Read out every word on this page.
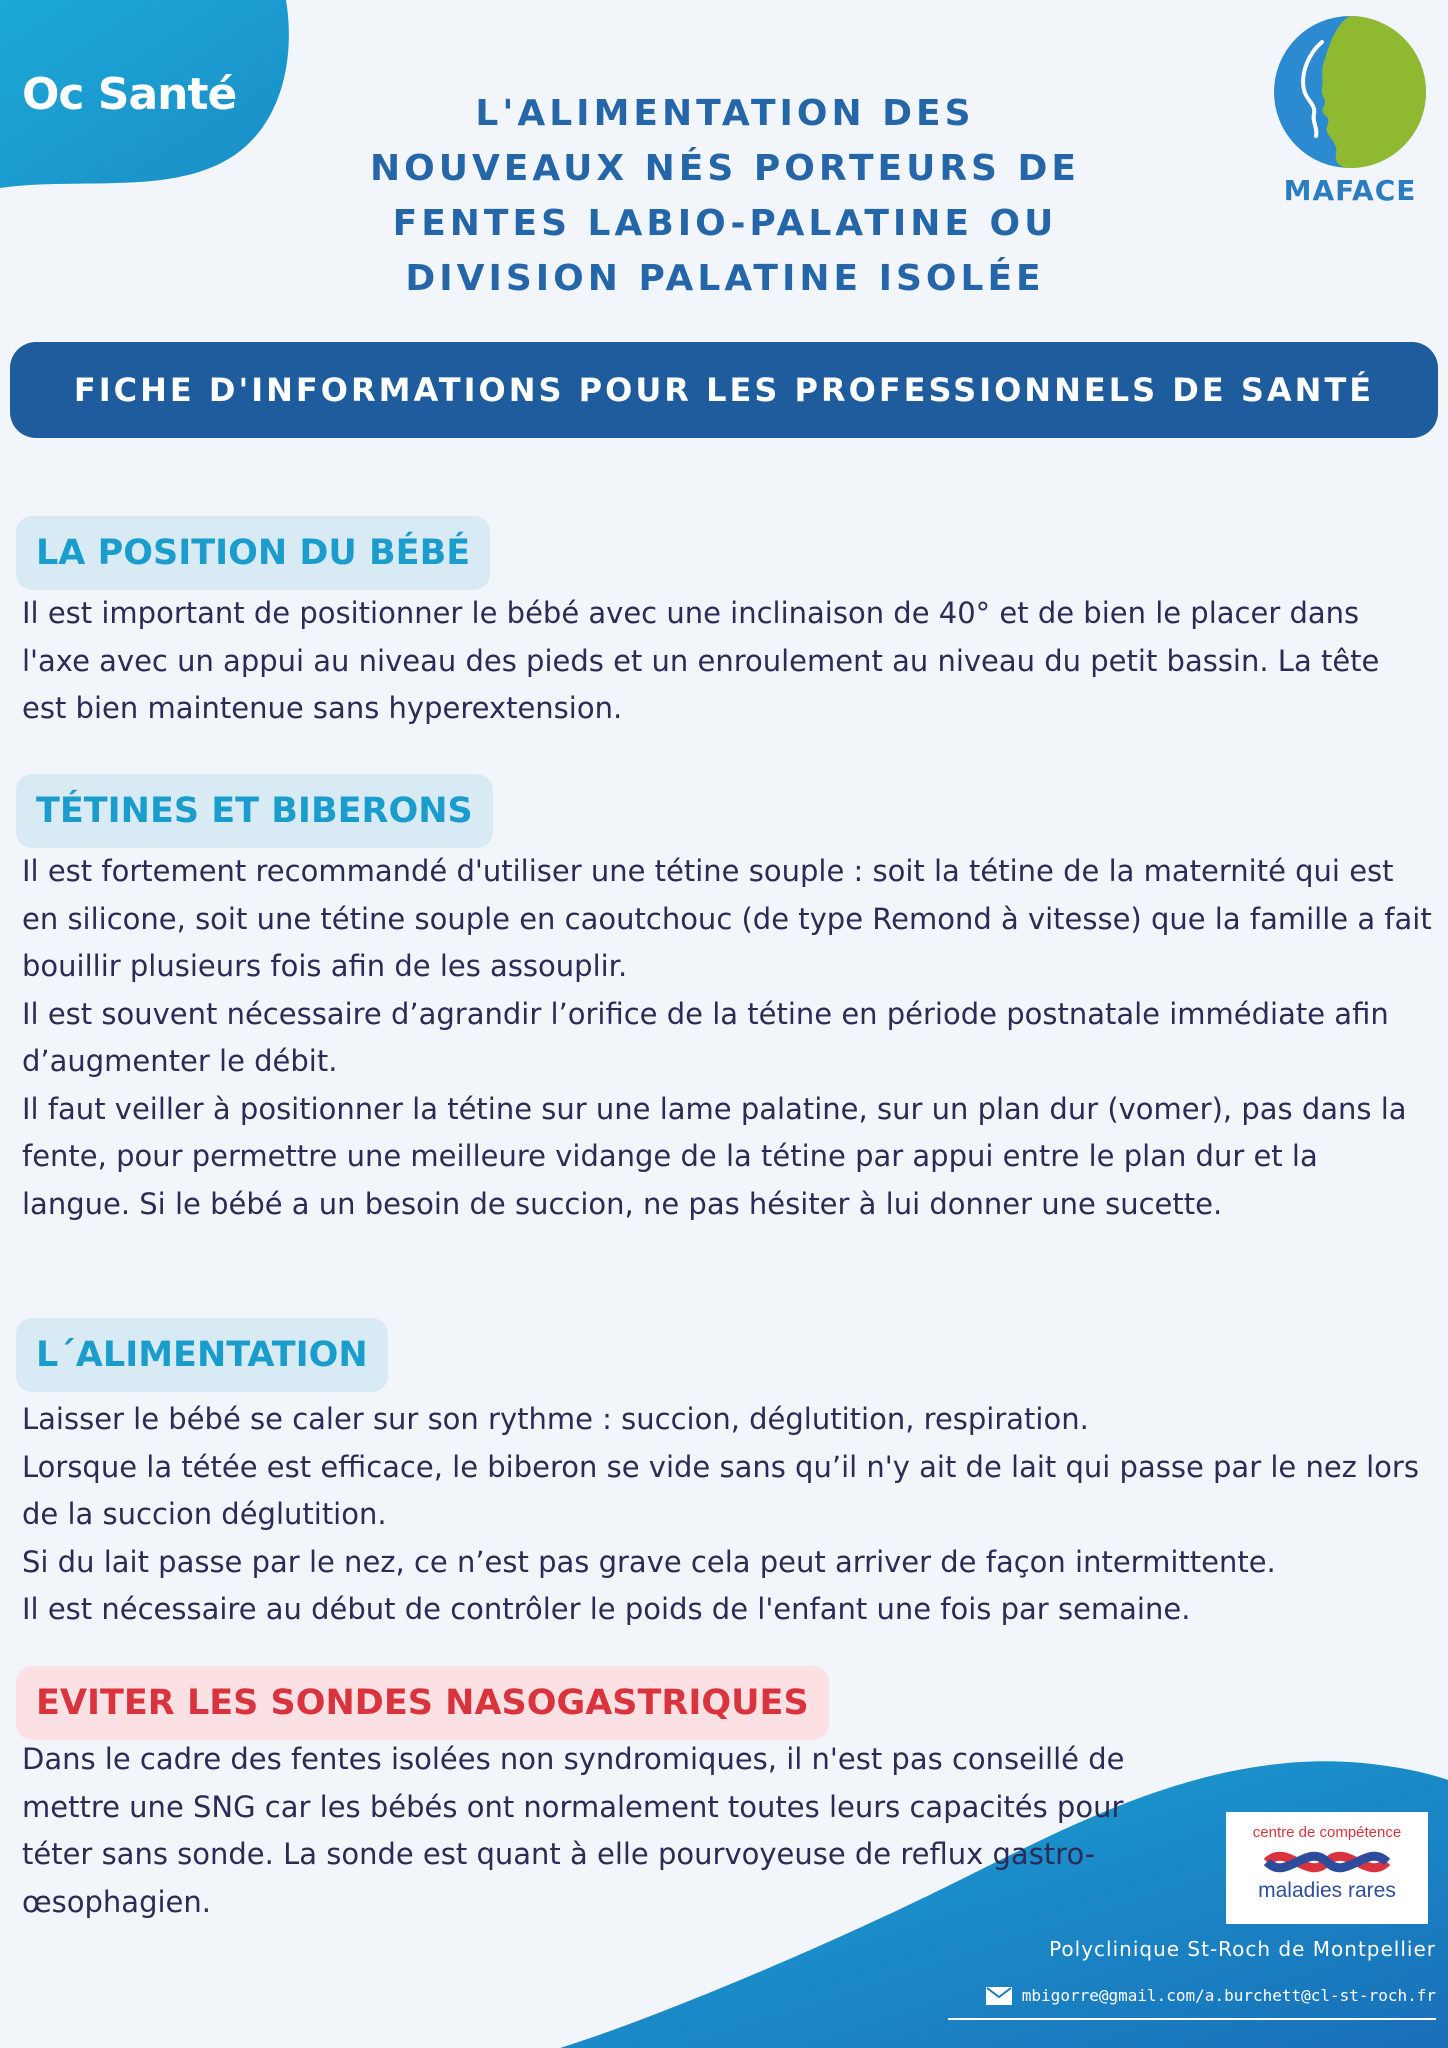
Oc Santé
MAFACE
L'ALIMENTATION DES
NOUVEAUX NÉS PORTEURS DE
FENTES LABIO-PALATINE OU
DIVISION PALATINE ISOLÉE
FICHE D'INFORMATIONS POUR LES PROFESSIONNELS DE SANTÉ
LA POSITION DU BÉBÉ

Il est important de positionner le bébé avec une inclinaison de 40° et de bien le placer dans l'axe avec un appui au niveau des pieds et un enroulement au niveau du petit bassin. La tête est bien maintenue sans hyperextension.

TÉTINES ET BIBERONS

Il est fortement recommandé d'utiliser une tétine souple : soit la tétine de la maternité qui est en silicone, soit une tétine souple en caoutchouc (de type Remond à vitesse) que la famille a fait bouillir plusieurs fois afin de les assouplir.

Il est souvent nécessaire d’agrandir l’orifice de la tétine en période postnatale immédiate afin d’augmenter le débit.

Il faut veiller à positionner la tétine sur une lame palatine, sur un plan dur (vomer), pas dans la fente, pour permettre une meilleure vidange de la tétine par appui entre le plan dur et la langue. Si le bébé a un besoin de succion, ne pas hésiter à lui donner une sucette.

L´ALIMENTATION

Laisser le bébé se caler sur son rythme : succion, déglutition, respiration.

Lorsque la tétée est efficace, le biberon se vide sans qu’il n'y ait de lait qui passe par le nez lors de la succion déglutition.

Si du lait passe par le nez, ce n’est pas grave cela peut arriver de façon intermittente.

Il est nécessaire au début de contrôler le poids de l'enfant une fois par semaine.

EVITER LES SONDES NASOGASTRIQUES

Dans le cadre des fentes isolées non syndromiques, il n'est pas conseillé de mettre une SNG car les bébés ont normalement toutes leurs capacités pour téter sans sonde. La sonde est quant à elle pourvoyeuse de reflux gastro-œsophagien.

centre de compétence
maladies rares
Polyclinique St-Roch de Montpellier
mbigorre@gmail.com/a.burchett@cl-st-roch.fr
